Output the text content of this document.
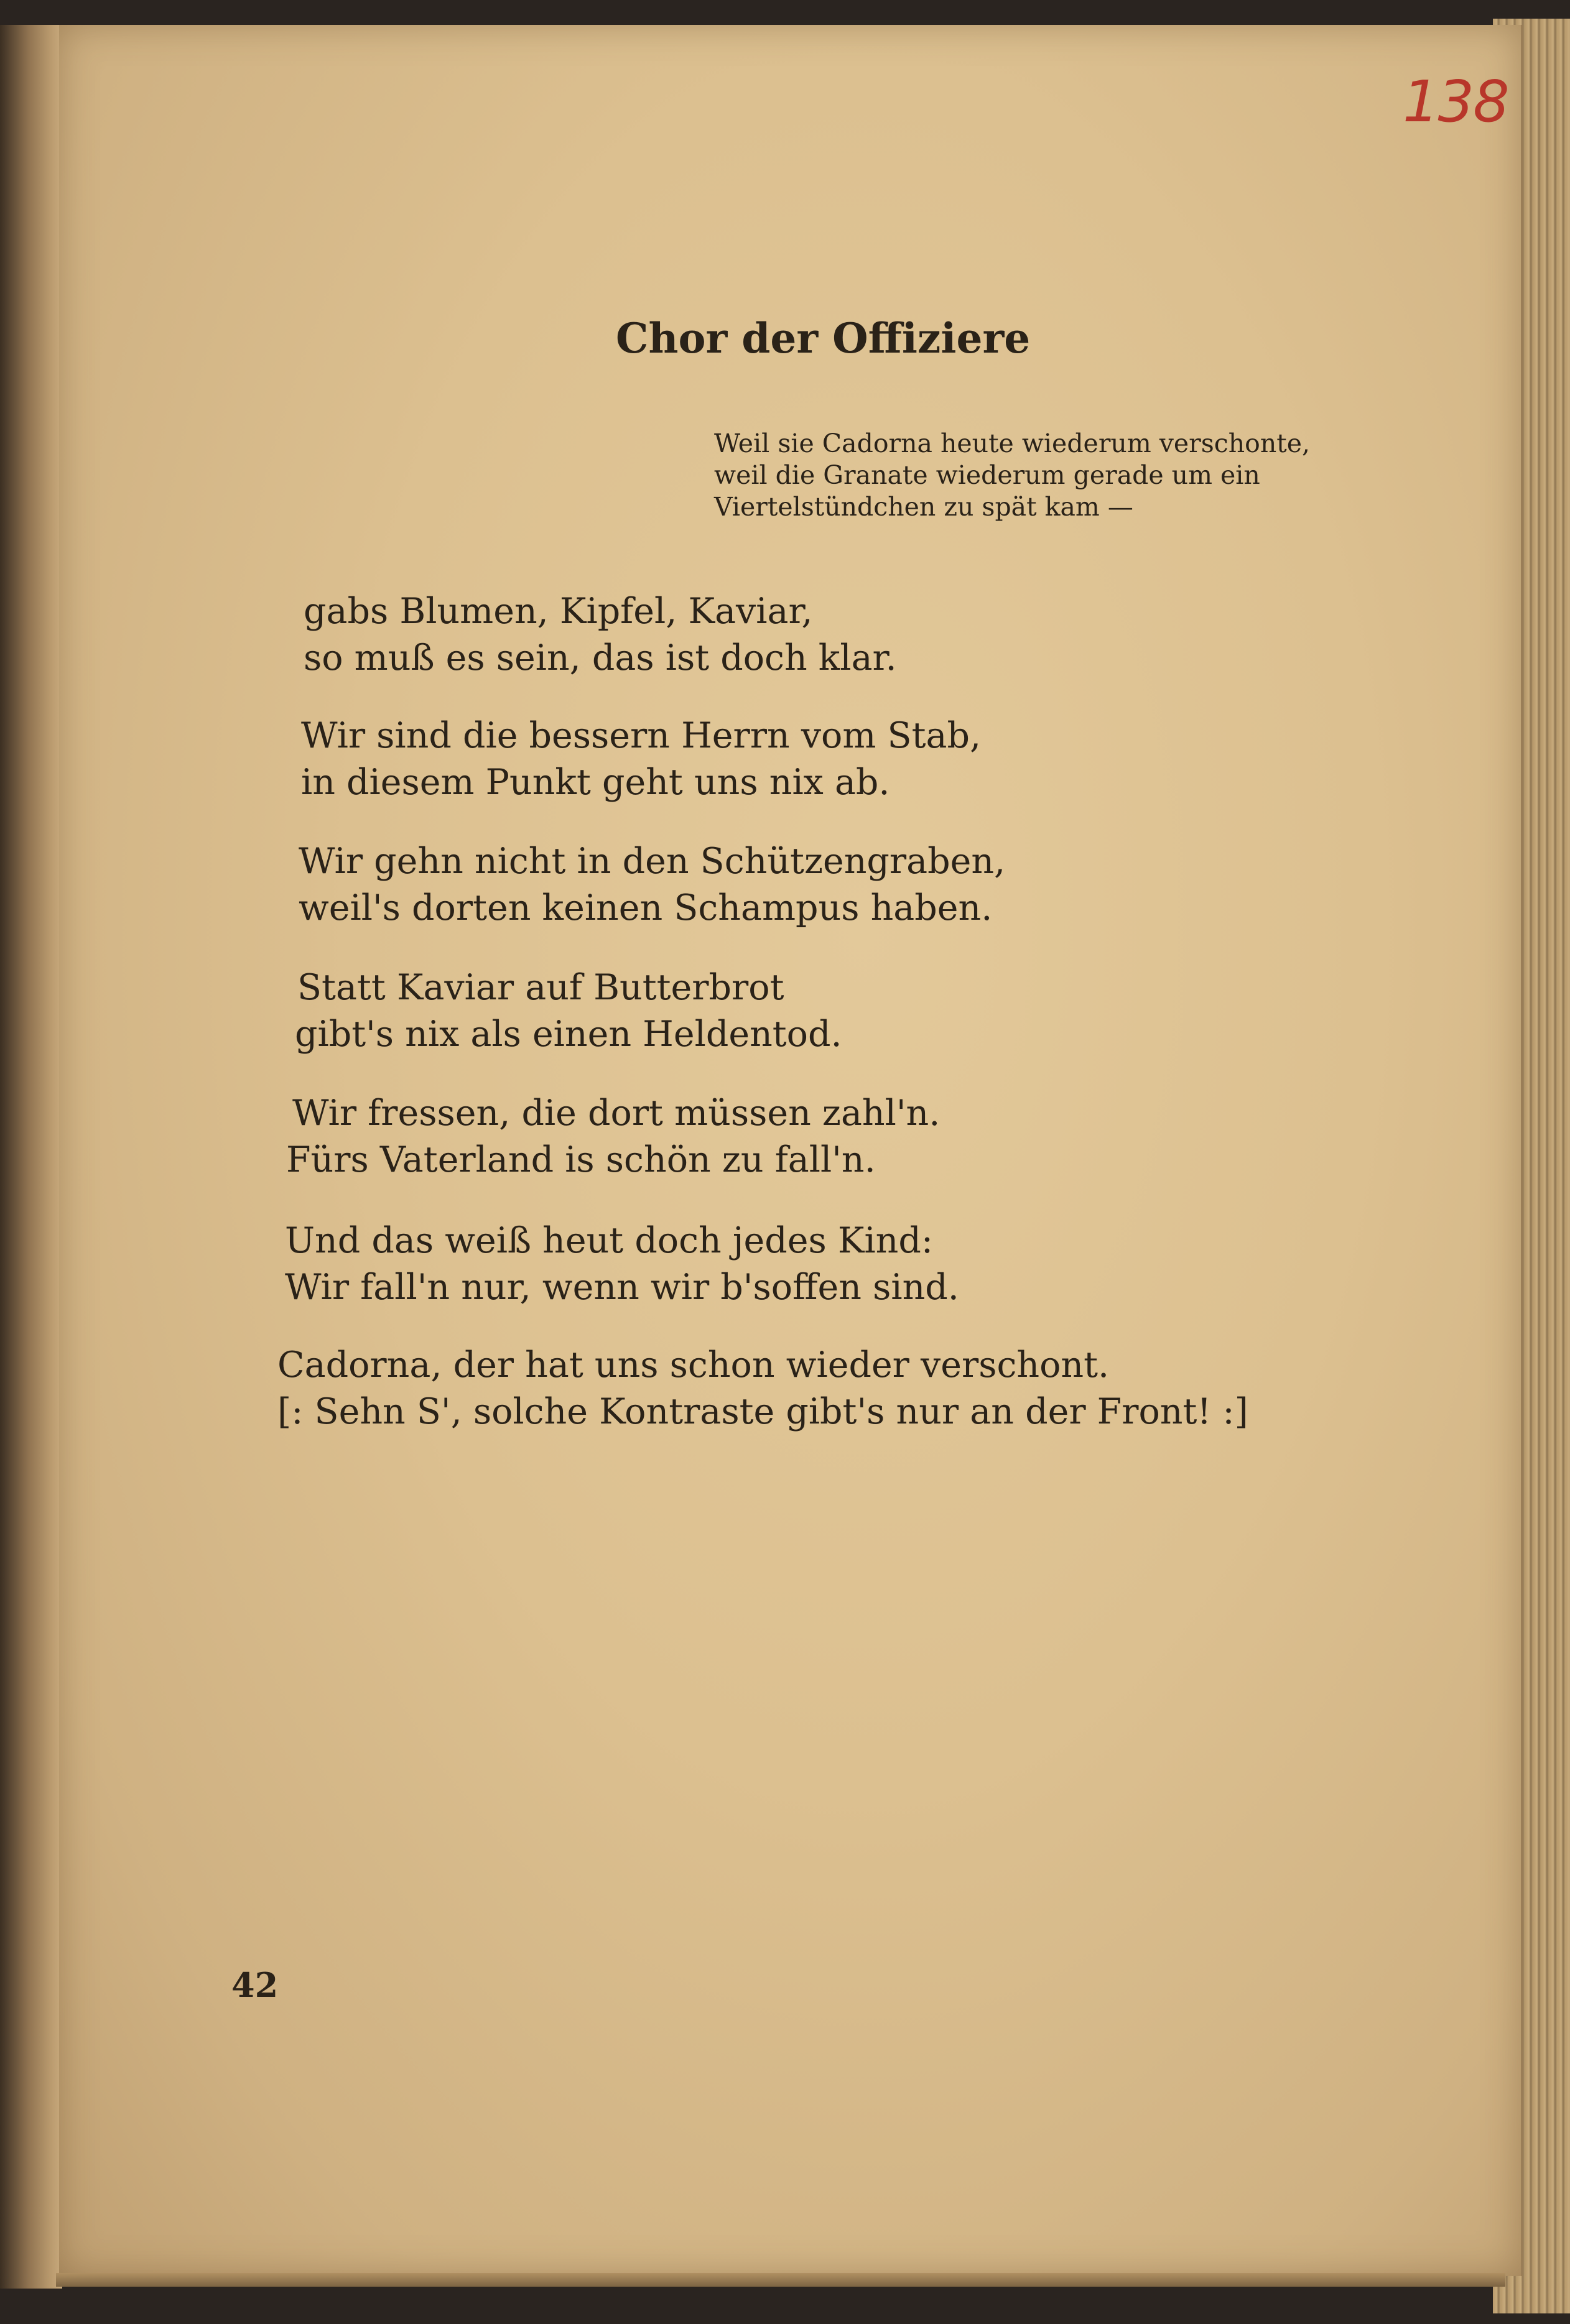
138
Chor der Offiziere
Weil sie Cadorna heute wiederum verschonte,
weil die Granate wiederum gerade um ein
Viertelstündchen zu spät kam —
gabs Blumen, Kipfel, Kaviar,
so muß es sein, das ist doch klar.
Wir sind die bessern Herrn vom Stab,
in diesem Punkt geht uns nix ab.
Wir gehn nicht in den Schützengraben,
weil's dorten keinen Schampus haben.
Statt Kaviar auf Butterbrot
gibt's nix als einen Heldentod.
Wir fressen, die dort müssen zahl'n.
Fürs Vaterland is schön zu fall'n.
Und das weiß heut doch jedes Kind:
Wir fall'n nur, wenn wir b'soffen sind.
Cadorna, der hat uns schon wieder verschont.
[: Sehn S', solche Kontraste gibt's nur an der Front! :]
42
